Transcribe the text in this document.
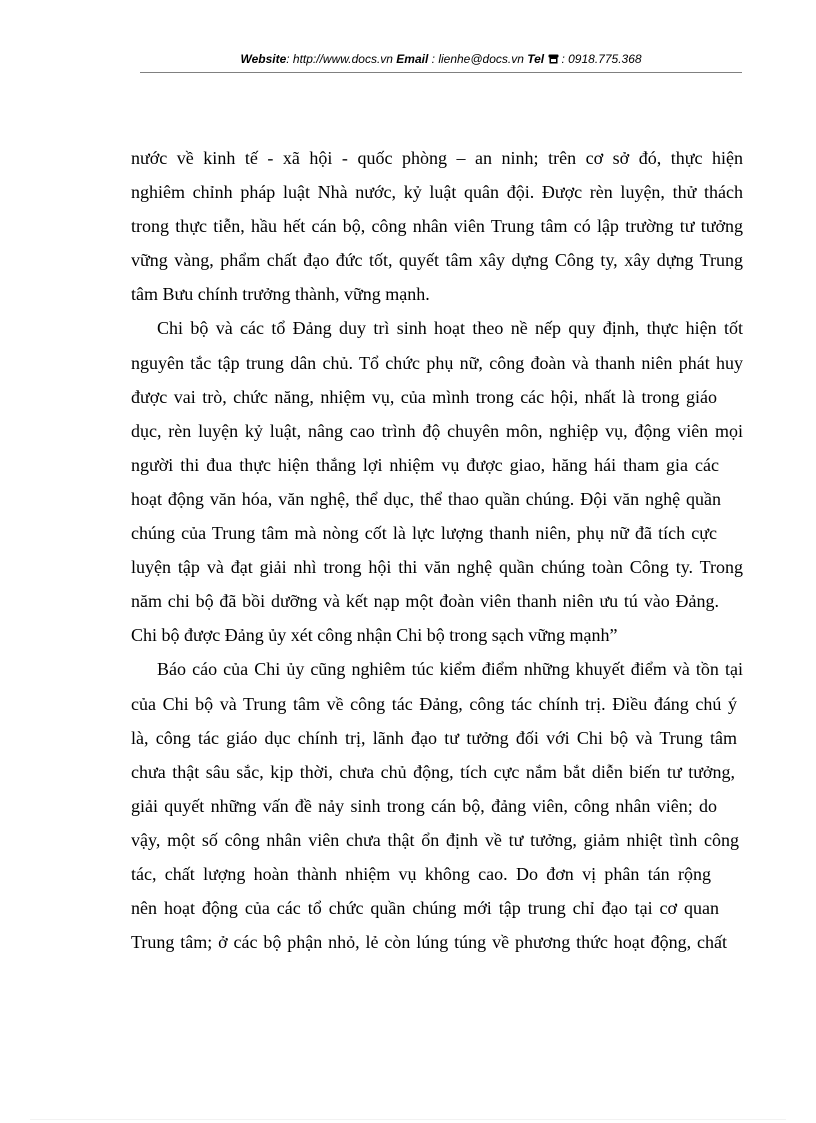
Website: http://www.docs.vn Email : lienhe@docs.vn Tel : 0918.775.368
nước về kinh tế - xã hội - quốc phòng – an ninh; trên cơ sở đó, thực hiện
nghiêm chỉnh pháp luật Nhà nước, kỷ luật quân đội. Được rèn luyện, thử thách
trong thực tiễn, hầu hết cán bộ, công nhân viên Trung tâm có lập trường tư tưởng
vững vàng, phẩm chất đạo đức tốt, quyết tâm xây dựng Công ty, xây dựng Trung
tâm Bưu chính trưởng thành, vững mạnh.
Chi bộ và các tổ Đảng duy trì sinh hoạt theo nề nếp quy định, thực hiện tốt
nguyên tắc tập trung dân chủ. Tổ chức phụ nữ, công đoàn và thanh niên phát huy
được vai trò, chức năng, nhiệm vụ, của mình trong các hội, nhất là trong giáo
dục, rèn luyện kỷ luật, nâng cao trình độ chuyên môn, nghiệp vụ, động viên mọi
người thi đua thực hiện thắng lợi nhiệm vụ được giao, hăng hái tham gia các
hoạt động văn hóa, văn nghệ, thể dục, thể thao quần chúng. Đội văn nghệ quần
chúng của Trung tâm mà nòng cốt là lực lượng thanh niên, phụ nữ đã tích cực
luyện tập và đạt giải nhì trong hội thi văn nghệ quần chúng toàn Công ty. Trong
năm chi bộ đã bồi dưỡng và kết nạp một đoàn viên thanh niên ưu tú vào Đảng.
Chi bộ được Đảng ủy xét công nhận Chi bộ trong sạch vững mạnh”
Báo cáo của Chi ủy cũng nghiêm túc kiểm điểm những khuyết điểm và tồn tại
của Chi bộ và Trung tâm về công tác Đảng, công tác chính trị. Điều đáng chú ý
là, công tác giáo dục chính trị, lãnh đạo tư tưởng đối với Chi bộ và Trung tâm
chưa thật sâu sắc, kịp thời, chưa chủ động, tích cực nắm bắt diễn biến tư tưởng,
giải quyết những vấn đề nảy sinh trong cán bộ, đảng viên, công nhân viên; do
vậy, một số công nhân viên chưa thật ổn định về tư tưởng, giảm nhiệt tình công
tác, chất lượng hoàn thành nhiệm vụ không cao. Do đơn vị phân tán rộng
nên hoạt động của các tổ chức quần chúng mới tập trung chỉ đạo tại cơ quan
Trung tâm; ở các bộ phận nhỏ, lẻ còn lúng túng về phương thức hoạt động, chất
